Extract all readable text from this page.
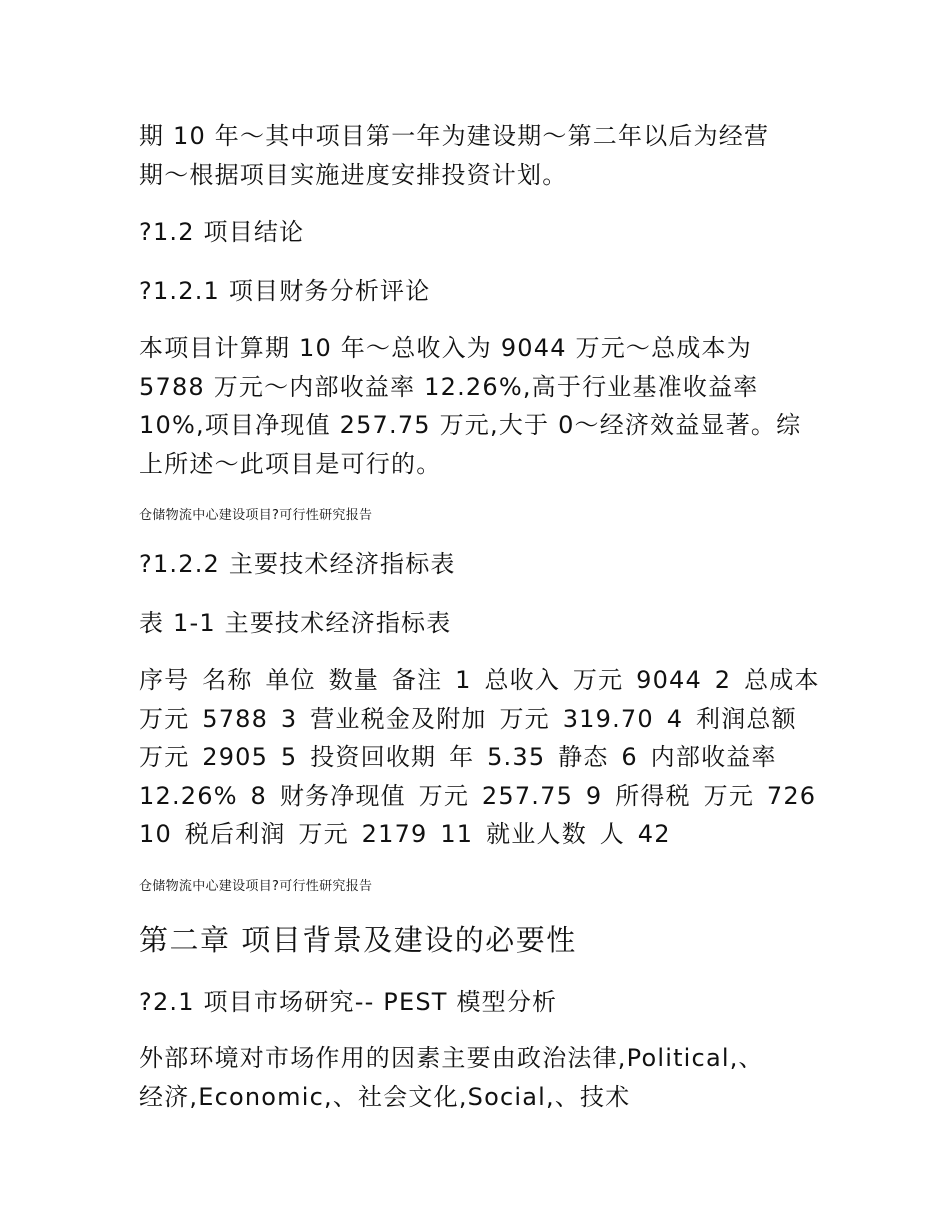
期 10 年～其中项目第一年为建设期～第二年以后为经营
期～根据项目实施进度安排投资计划。
?1.2 项目结论
?1.2.1 项目财务分析评论
本项目计算期 10 年～总收入为 9044 万元～总成本为
5788 万元～内部收益率 12.26%,高于行业基准收益率
10%,项目净现值 257.75 万元,大于 0～经济效益显著。综
上所述～此项目是可行的。
仓储物流中心建设项目?可行性研究报告
?1.2.2 主要技术经济指标表
表 1-1 主要技术经济指标表
序号 名称 单位 数量 备注 1 总收入 万元 9044 2 总成本
万元 5788 3 营业税金及附加 万元 319.70 4 利润总额
万元 2905 5 投资回收期 年 5.35 静态 6 内部收益率
12.26% 8 财务净现值 万元 257.75 9 所得税 万元 726
10 税后利润 万元 2179 11 就业人数 人 42
仓储物流中心建设项目?可行性研究报告
第二章 项目背景及建设的必要性
?2.1 项目市场研究-- PEST 模型分析
外部环境对市场作用的因素主要由政治法律,Political,、
经济,Economic,、社会文化,Social,、技术
